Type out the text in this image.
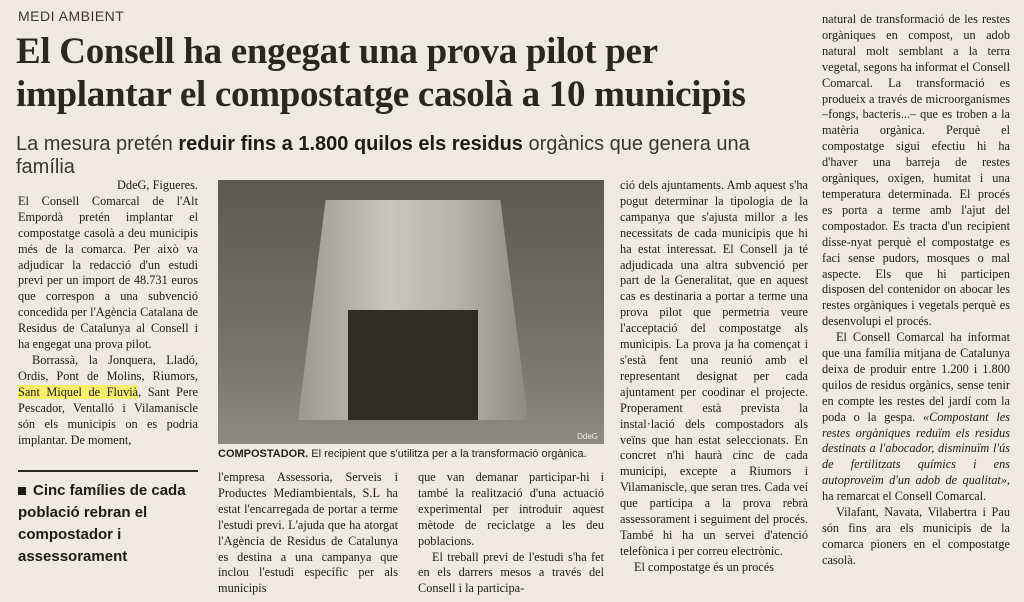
MEDI AMBIENT
El Consell ha engegat una prova pilot per implantar el compostatge casolà a 10 municipis
La mesura pretén reduir fins a 1.800 quilos els residus orgànics que genera una família
DdeG, Figueres.

El Consell Comarcal de l'Alt Empordà pretén implantar el compostatge casolà a deu municipis més de la comarca. Per això va adjudicar la redacció d'un estudi previ per un import de 48.731 euros que correspon a una subvenció concedida per l'Agència Catalana de Residus de Catalunya al Consell i ha engegat una prova pilot.

Borrassà, la Jonquera, Lladó, Ordis, Pont de Molins, Riumors, Sant Miquel de Fluvià, Sant Pere Pescador, Ventalló i Vilamaniscle són els municipis on es podria implantar. De moment,	DdeG
COMPOSTADOR. El recipient que s'utilitza per a la transformació orgànica.
Cinc famílies de cada població rebran el compostador i assessorament

l'empresa Assessoria, Serveis i Productes Mediambientals, S.L ha estat l'encarregada de portar a terme l'estudi previ. L'ajuda que ha atorgat l'Agència de Residus de Catalunya es destina a una campanya que inclou l'estudi específic per als municipis

que van demanar participar-hi i també la realització d'una actuació experimental per introduir aquest mètode de reciclatge a les deu poblacions.

El treball previ de l'estudi s'ha fet en els darrers mesos a través del Consell i la participa-

ció dels ajuntaments. Amb aquest s'ha pogut determinar la tipologia de la campanya que s'ajusta millor a les necessitats de cada municipis que hi ha estat interessat. El Consell ja té adjudicada una altra subvenció per part de la Generalitat, que en aquest cas es destinaria a portar a terme una prova pilot que permetria veure l'acceptació del compostatge als municipis. La prova ja ha començat i s'està fent una reunió amb el representant designat per cada ajuntament per coodinar el projecte. Properament està prevista la instal·lació dels compostadors als veïns que han estat seleccionats. En concret n'hi haurà cinc de cada municipi, excepte a Riumors i Vilamaniscle, que seran tres. Cada veí que participa a la prova rebrà assessorament i seguiment del procés. També hi ha un servei d'atenció telefònica i per correu electrònic.

El compostatge és un procés

natural de transformació de les restes orgàniques en compost, un adob natural molt semblant a la terra vegetal, segons ha informat el Consell Comarcal. La transformació es produeix a través de microorganismes –fongs, bacteris...– que es troben a la matèria orgànica. Perquè el compostatge sigui efectiu hi ha d'haver una barreja de restes orgàniques, oxigen, humitat i una temperatura determinada. El procés es porta a terme amb l'ajut del compostador. Es tracta d'un recipient disse-nyat perquè el compostatge es faci sense pudors, mosques o mal aspecte. Els que hi participen disposen del contenidor on abocar les restes orgàniques i vegetals perquè es desenvolupi el procés.

El Consell Comarcal ha informat que una família mitjana de Catalunya deixa de produir entre 1.200 i 1.800 quilos de residus orgànics, sense tenir en compte les restes del jardí com la poda o la gespa. «Compostant les restes orgàniques reduïm els residus destinats a l'abocador, disminuïm l'ús de fertilitzats químics i ens autoproveïm d'un adob de qualitat», ha remarcat el Consell Comarcal.

Vilafant, Navata, Vilabertra i Pau són fins ara els municipis de la comarca pioners en el compostatge casolà.
